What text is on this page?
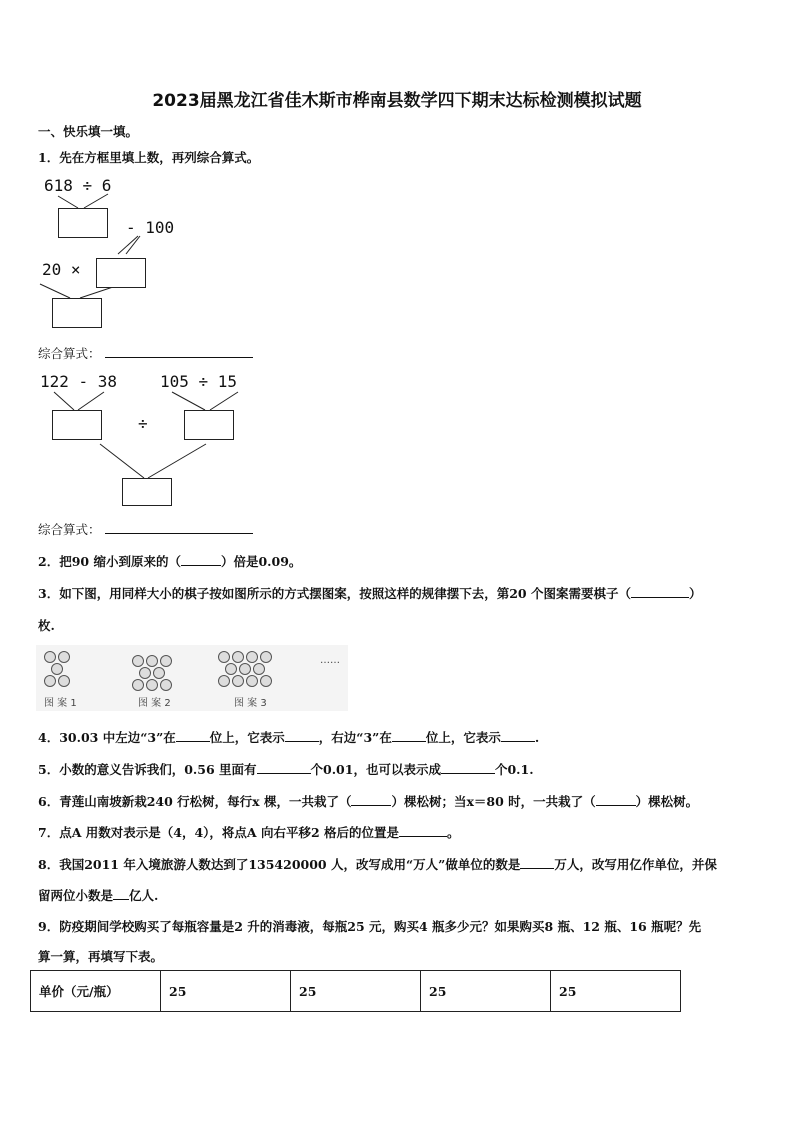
2023届黑龙江省佳木斯市桦南县数学四下期末达标检测模拟试题
一、快乐填一填。
1．先在方框里填上数，再列综合算式。
618 ÷ 6
- 100
20 ×
综合算式：
122 - 38	105 ÷ 15
÷
综合算式：
2．把90 缩小到原来的（	）倍是0.09。
3．如下图，用同样大小的棋子按如图所示的方式摆图案，按照这样的规律摆下去，第20 个图案需要棋子（	）
枚.
图 案 1	图 案 2	图 案 3
……
4．30.03 中左边“3”在	位上，它表示	，右边“3”在	位上，它表示	.
5．小数的意义告诉我们，0.56 里面有	个0.01，也可以表示成	个0.1.
6．青莲山南坡新栽240 行松树，每行x 棵，一共栽了（	）棵松树；当x＝80 时，一共栽了（	）棵松树。
7．点A 用数对表示是（4，4），将点A 向右平移2 格后的位置是	。
8．我国2011 年入境旅游人数达到了135420000 人，改写成用“万人”做单位的数是	万人，改写用亿作单位，并保
留两位小数是 亿人.
9．防疫期间学校购买了每瓶容量是2 升的消毒液，每瓶25 元，购买4 瓶多少元？如果购买8 瓶、12 瓶、16 瓶呢？先
算一算，再填写下表。
单价（元/瓶）	25	25	25	25
